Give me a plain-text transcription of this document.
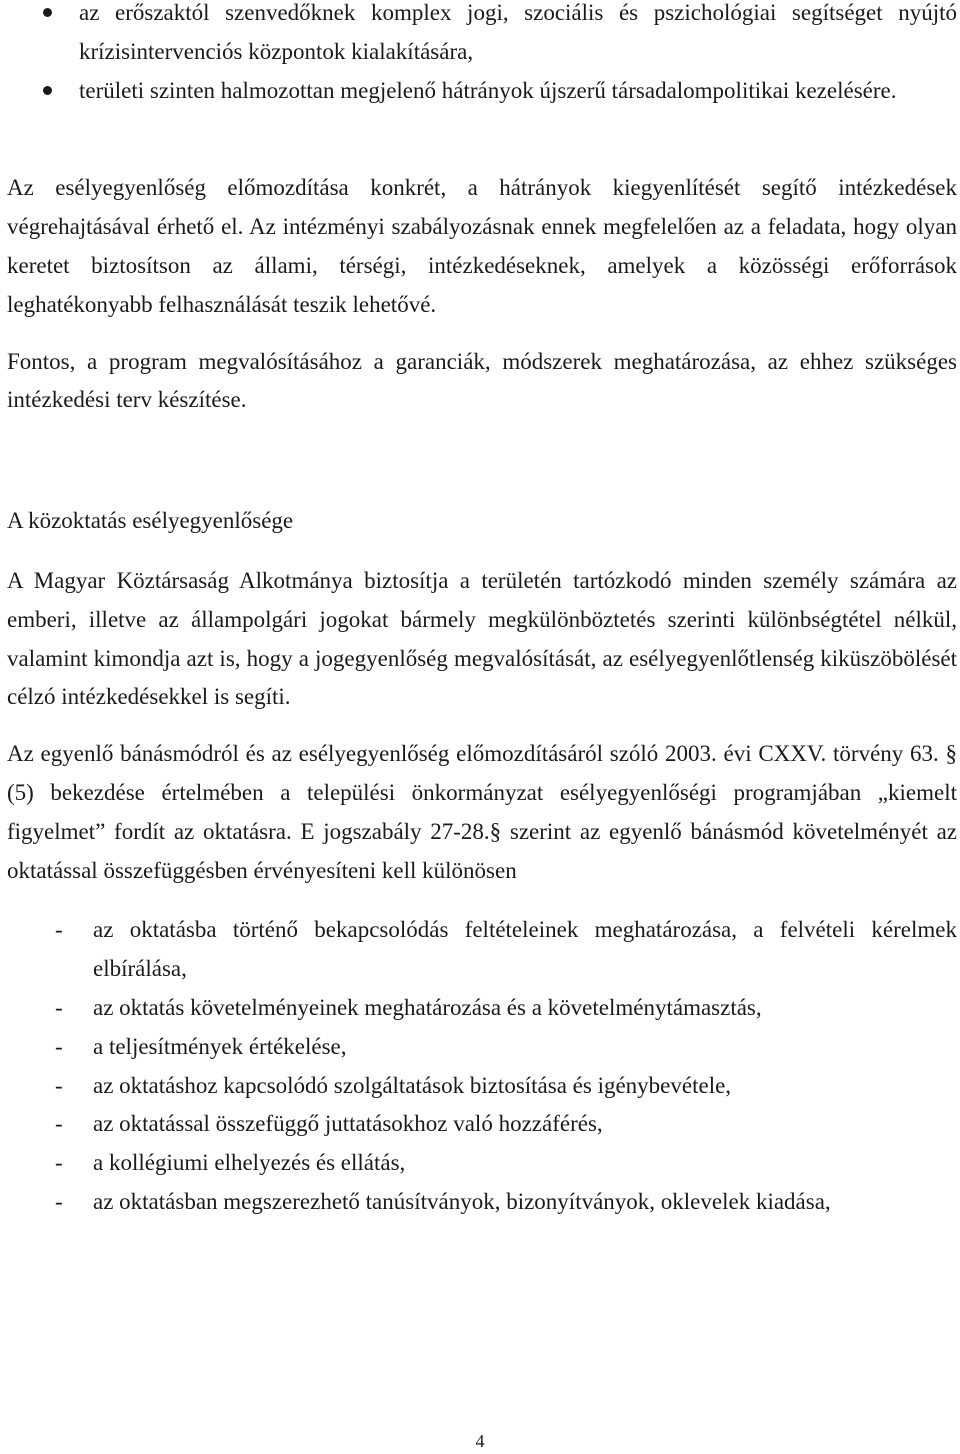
az erőszaktól szenvedőknek komplex jogi, szociális és pszichológiai segítséget nyújtó krízisintervenciós központok kialakítására,
területi szinten halmozottan megjelenő hátrányok újszerű társadalompolitikai kezelésére.

Az esélyegyenlőség előmozdítása konkrét, a hátrányok kiegyenlítését segítő intézkedések végrehajtásával érhető el. Az intézményi szabályozásnak ennek megfelelően az a feladata, hogy olyan keretet biztosítson az állami, térségi, intézkedéseknek, amelyek a közösségi erőforrások leghatékonyabb felhasználását teszik lehetővé.

Fontos, a program megvalósításához a garanciák, módszerek meghatározása, az ehhez szükséges intézkedési terv készítése.

A közoktatás esélyegyenlősége

A Magyar Köztársaság Alkotmánya biztosítja a területén tartózkodó minden személy számára az emberi, illetve az állampolgári jogokat bármely megkülönböztetés szerinti különbségtétel nélkül, valamint kimondja azt is, hogy a jogegyenlőség megvalósítását, az esélyegyenlőtlenség kiküszöbölését célzó intézkedésekkel is segíti.

Az egyenlő bánásmódról és az esélyegyenlőség előmozdításáról szóló 2003. évi CXXV. törvény 63. § (5) bekezdése értelmében a települési önkormányzat esélyegyenlőségi programjában „kiemelt figyelmet” fordít az oktatásra. E jogszabály 27-28.§ szerint az egyenlő bánásmód követelményét az oktatással összefüggésben érvényesíteni kell különösen

- az oktatásba történő bekapcsolódás feltételeinek meghatározása, a felvételi kérelmek elbírálása,
- az oktatás követelményeinek meghatározása és a követelménytámasztás,
- a teljesítmények értékelése,
- az oktatáshoz kapcsolódó szolgáltatások biztosítása és igénybevétele,
- az oktatással összefüggő juttatásokhoz való hozzáférés,
- a kollégiumi elhelyezés és ellátás,
- az oktatásban megszerezhető tanúsítványok, bizonyítványok, oklevelek kiadása,
4
